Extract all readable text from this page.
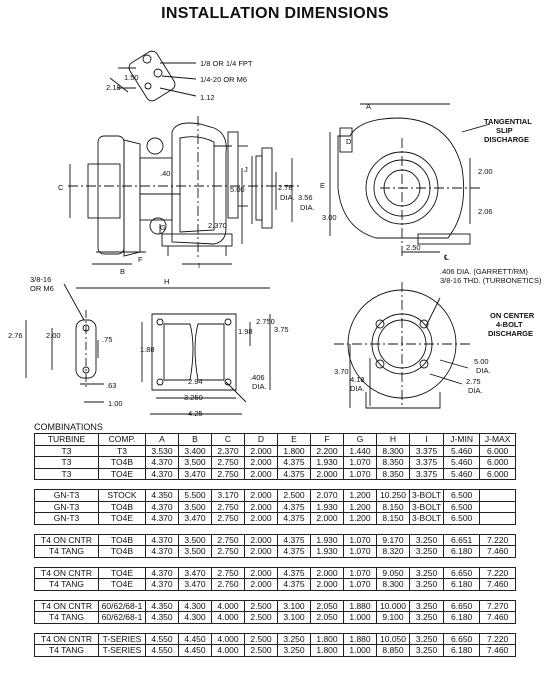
INSTALLATION DIMENSIONS
1/8 OR 1/4 FPT
1/4-20 OR M6
1.50
2.18
1.12
.40
5.00	2.78
DIA. 3.56
DIA.
2.370
A
B
C
D
E
F
G
H
I
J
TANGENTIAL
SLIP
DISCHARGE
2.00
2.06
3.00
2.50
℄
3/8-16
OR M6
2.76	2.00	.75
.63
1.00
2.750
1.98	3.75
1.88
2.94	.406
DIA.
3.250
4.25
.406 DIA. (GARRETT/RM)
3/8-16 THD. (TURBONETICS)
ON CENTER
4-BOLT
DISCHARGE
5.00
DIA.
2.75
DIA.
3.70
4.18
DIA.
COMBINATIONS
TURBINE	COMP.	A	B	C	D	E	F	G	H	I	J-MIN	J-MAX
T3	T3	3.530	3.400	2.370	2.000	1.800	2.200	1.440	8.300	3.375	5.460	6.000
T3	TO4B	4.370	3.500	2.750	2.000	4.375	1.930	1.070	8.350	3.375	5.460	6.000
T3	TO4E	4.370	3.470	2.750	2.000	4.375	2.000	1.070	8.350	3.375	5.460	6.000

GN-T3	STOCK	4.350	5.500	3.170	2.000	2.500	2.070	1.200	10.250	3-BOLT	6.500	
GN-T3	TO4B	4.370	3.500	2.750	2.000	4.375	1.930	1.200	8.150	3-BOLT	6.500	
GN-T3	TO4E	4.370	3.470	2.750	2.000	4.375	2.000	1.200	8.150	3-BOLT	6.500	

T4 ON CNTR	TO4B	4.370	3.500	2.750	2.000	4.375	1.930	1.070	9.170	3.250	6.651	7.220
T4 TANG	TO4B	4.370	3.500	2.750	2.000	4.375	1.930	1.070	8.320	3.250	6.180	7.460

T4 ON CNTR	TO4E	4.370	3.470	2.750	2.000	4.375	2.000	1.070	9.050	3.250	6.650	7.220
T4 TANG	TO4E	4.370	3.470	2.750	2.000	4.375	2.000	1.070	8.300	3.250	6.180	7.460

T4 ON CNTR	60/62/68-1	4.350	4.300	4.000	2.500	3.100	2.050	1.880	10.000	3.250	6.650	7.270
T4 TANG	60/62/68-1	4.350	4.300	4.000	2.500	3.100	2.050	1.000	9.100	3.250	6.180	7.460

T4 ON CNTR	T-SERIES	4.550	4.450	4.000	2.500	3.250	1.800	1.880	10.050	3.250	6.650	7.220
T4 TANG	T-SERIES	4.550	4.450	4.000	2.500	3.250	1.800	1.000	8.850	3.250	6.180	7.460
